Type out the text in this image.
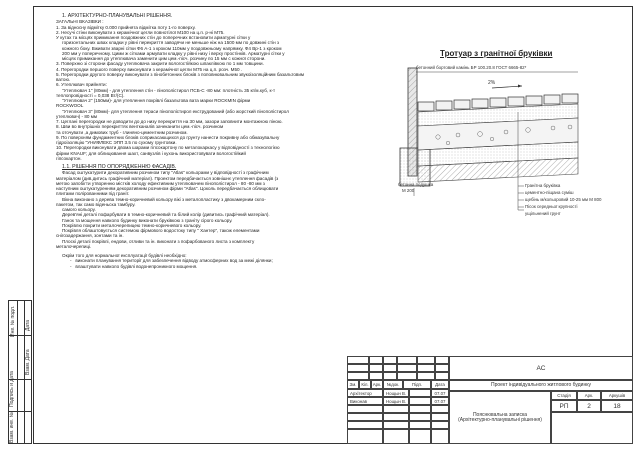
Взам. инв. №
Подпись и дата
Инв. № подл. Дата
Взам. Дата

1. АРХІТЕКТУРНО-ПЛАНУВАЛЬНІ РІШЕННЯ.

ЗАГАЛЬНІ ВКАЗІВКИ :

1. За відносну відмітку 0.000 прийнята відмітка поту 1-го поверху.

2. Несучі стіни виконувати з керамічної цегли повнотілої М100 на ц.п. р-ні М75.

У кутах та місцях примикання поздовжних стін до поперечних встановити арматурні сітки у

горизонтальних швах кладки у рівні перекриття заводячи не меньше ніж на 1500 мм по довжині стін з

кожного боку. Вживати зварні сітки Ф6 А-1 з кроком 110мм у поздовжньому напрямку. Ф4 Вр-1 з кроком

200 мм у поперечному. Цими ж сітками армувати кладку у рівні низу і верху простінків. Арматурні сітки у

місцях примикання до утеплювача заменити цим цем.-пісч. розчину по 15 мм с кожної сторони.

3. Поверхню зі сторони фасаду утеплювача закрити вологостійкою шпаклівкою по 1 мм товщини.

4. Перегородки першого поверху виконувати з керамічної цегли М75 на ц.п. розч. М50 .

5. Перегородки другого поверху виконувати з пінобетонних блоків з поповнювальним звукоізоляційним базальтовим

ватою.

6. Утеплювач прийняти:

"Утеплювач 1" (80мм) - для утеплення стін - пінополістирол ПСБ-С -80 мм: плотність 35 кг/м.куб, к-т

теплопровідності = 0,038 Вт/(С).

"Утеплювач 2" (150мм)- для утеплення покрівлі базальтова вата марки ROCKMIN фірми

ROCKWOOL

"Утеплювач 3" (80мм)- для утеплення тераси пінополістирол екструдований (або жорсткий пінополістирол

утеплювач) - 80 мм

7. Цеглані перегородки не доводити до до низу перекриття на 30 мм, зазори заповнити монтажною піною.

8. Шви во внутрішніх перекриттях вентканалів зачеканити цем.-пісч. розчином

та оточувати ,а димових труб - глиняно-цементним розчином.

9. По поверхням фундаментних блоків соприкасающихся до грунту нанести покривну або обмазувальну

гідроізоляцію "УНИФЛЕКС ЭПП 3.5 по сухому грунтовки.

10. Перегородки виконувати двома шарами гіпсокартону по металокаркасу у відповідності з технологією

фірми KNAUF; для облицювання шахт, санвузлів і кухонь використовувати вологостійкий

гіпсокартон.

1.1. РІШЕННЯ ПО ОПОРЯДЖЕННЮ ФАСАДІВ.

Фасад оштукатурити декоративним розчином типу "Atlas" кольорами у відповідності з графічним

матеріалом (див.дитись графічний матеріал). Проектом передбачається зовнішнє утеплення фасадів (з

метою запобігти утворенню містків холоду ефективним утеплювачем пінополістирол - 80 -80 мм з

наступним оштукатуренням декоративним розчином фірми "Atlas". Цоколь передбачається облицювати

плитами полірованними під граніт.

Вікна виконано з дерева темно-коричневий кольору вікі з металопластику з двокамерним скло-

пакетом, так само віденьска тамбуру.

самого кольору.

Дерев'яні деталі пофарбувати в темно-коричневий та білий колір (дивитись графічний матеріал).

Ганок та мощення навколо будинку виконати бруківкою з граніту сірого кольору.

Покрівлю покрити металочерепицею темно-коричневого кольору.

Покрівля облаштовується системою фірмового водостоку типу " Хантер", також елементами

снігозадержання, зонтами та ін.

Плоскі деталі покрівлі, ендови, отливи та ін. виконати з пофарбованого листа з комплекту

металочерепиці.

Окрім того для нормальної експлуатації будівлі необхідно:

-   виконати планування території для забезпечення відводу атмосферних вод за межі ділянки;

-   влаштувати навколо будівлі водонепроникного мощення.

Тротуар з гранітної бруківки
бетонний бортовий камінь БР 100.20.8 ГОСТ 6665-82*
2%
бетонна подушка
М 200
Гранітна бруківка
цементно-піщана суміш
щебінь м/кольоровий 10-25 мм М 800
Пісок середньої крупності
ущільнений грунт
Зм.	Кіл. Арк.	№док.	Підп.	Дата
Архітектор	Нощын В.	07.07
Виконав	Нощын В.	07.07
АС
Проект індивідуального житлового будинку
Пояснювальна записка (Архітектурно-планувальні рішення)
Стадія	Арк.	Аркушів
РП	2	18
